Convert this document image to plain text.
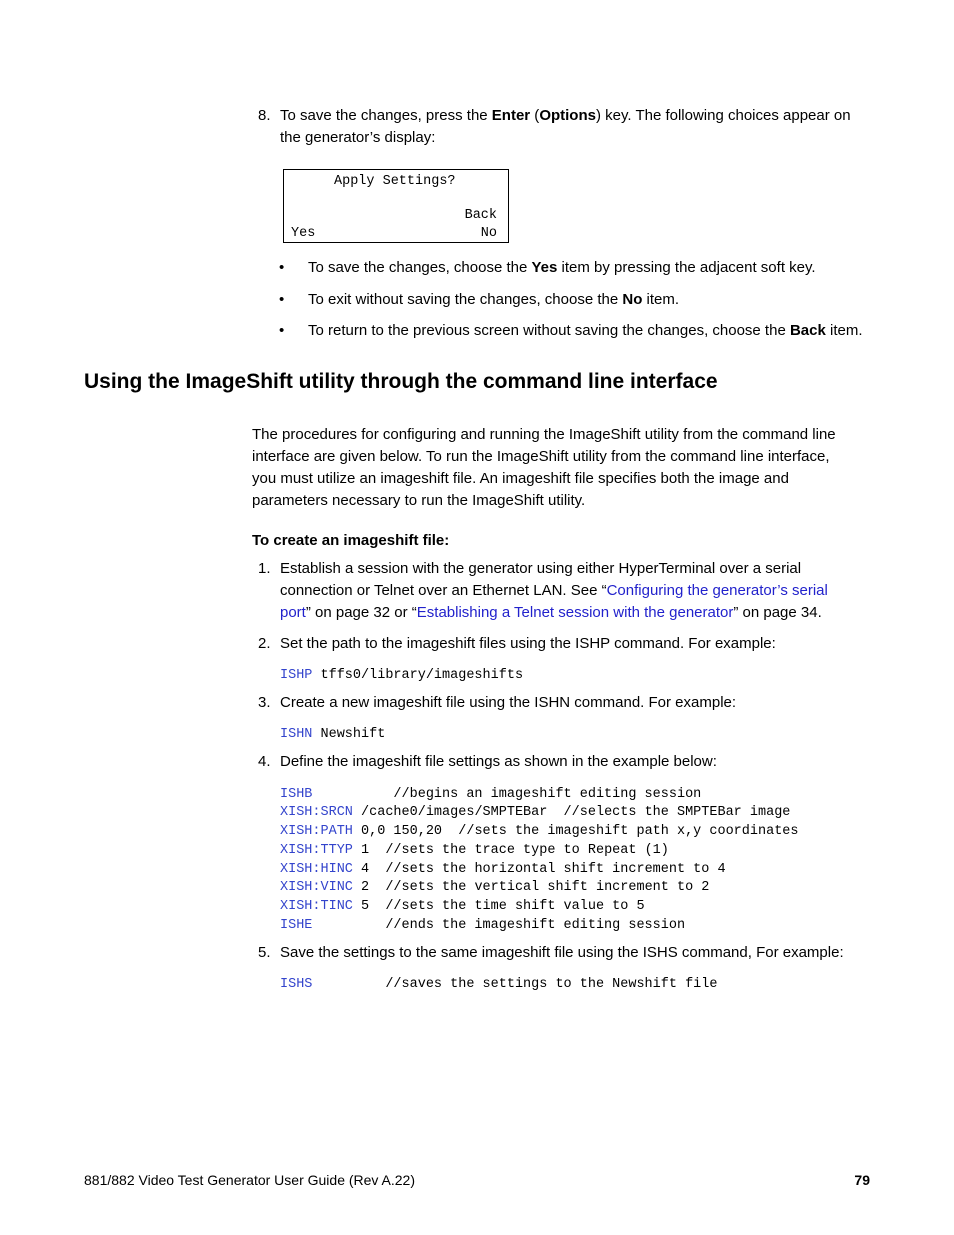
8. To save the changes, press the Enter (Options) key. The following choices appear on
the generator’s display:
Apply Settings?
Back
Yes	No
• To save the changes, choose the Yes item by pressing the adjacent soft key.
• To exit without saving the changes, choose the No item.
• To return to the previous screen without saving the changes, choose the Back item.
Using the ImageShift utility through the command line interface
The procedures for configuring and running the ImageShift utility from the command line
interface are given below. To run the ImageShift utility from the command line interface,
you must utilize an imageshift file. An imageshift file specifies both the image and
parameters necessary to run the ImageShift utility.
To create an imageshift file:
1. Establish a session with the generator using either HyperTerminal over a serial
connection or Telnet over an Ethernet LAN. See “Configuring the generator’s serial
port” on page 32 or “Establishing a Telnet session with the generator” on page 34.
2. Set the path to the imageshift files using the ISHP command. For example:
ISHP tffs0/library/imageshifts
3. Create a new imageshift file using the ISHN command. For example:
ISHN Newshift
4. Define the imageshift file settings as shown in the example below:
ISHB          //begins an imageshift editing session
XISH:SRCN /cache0/images/SMPTEBar  //selects the SMPTEBar image
XISH:PATH 0,0 150,20  //sets the imageshift path x,y coordinates
XISH:TTYP 1  //sets the trace type to Repeat (1)
XISH:HINC 4  //sets the horizontal shift increment to 4
XISH:VINC 2  //sets the vertical shift increment to 2
XISH:TINC 5  //sets the time shift value to 5
ISHE         //ends the imageshift editing session
5. Save the settings to the same imageshift file using the ISHS command, For example:
ISHS         //saves the settings to the Newshift file
881/882 Video Test Generator User Guide (Rev A.22)	79
